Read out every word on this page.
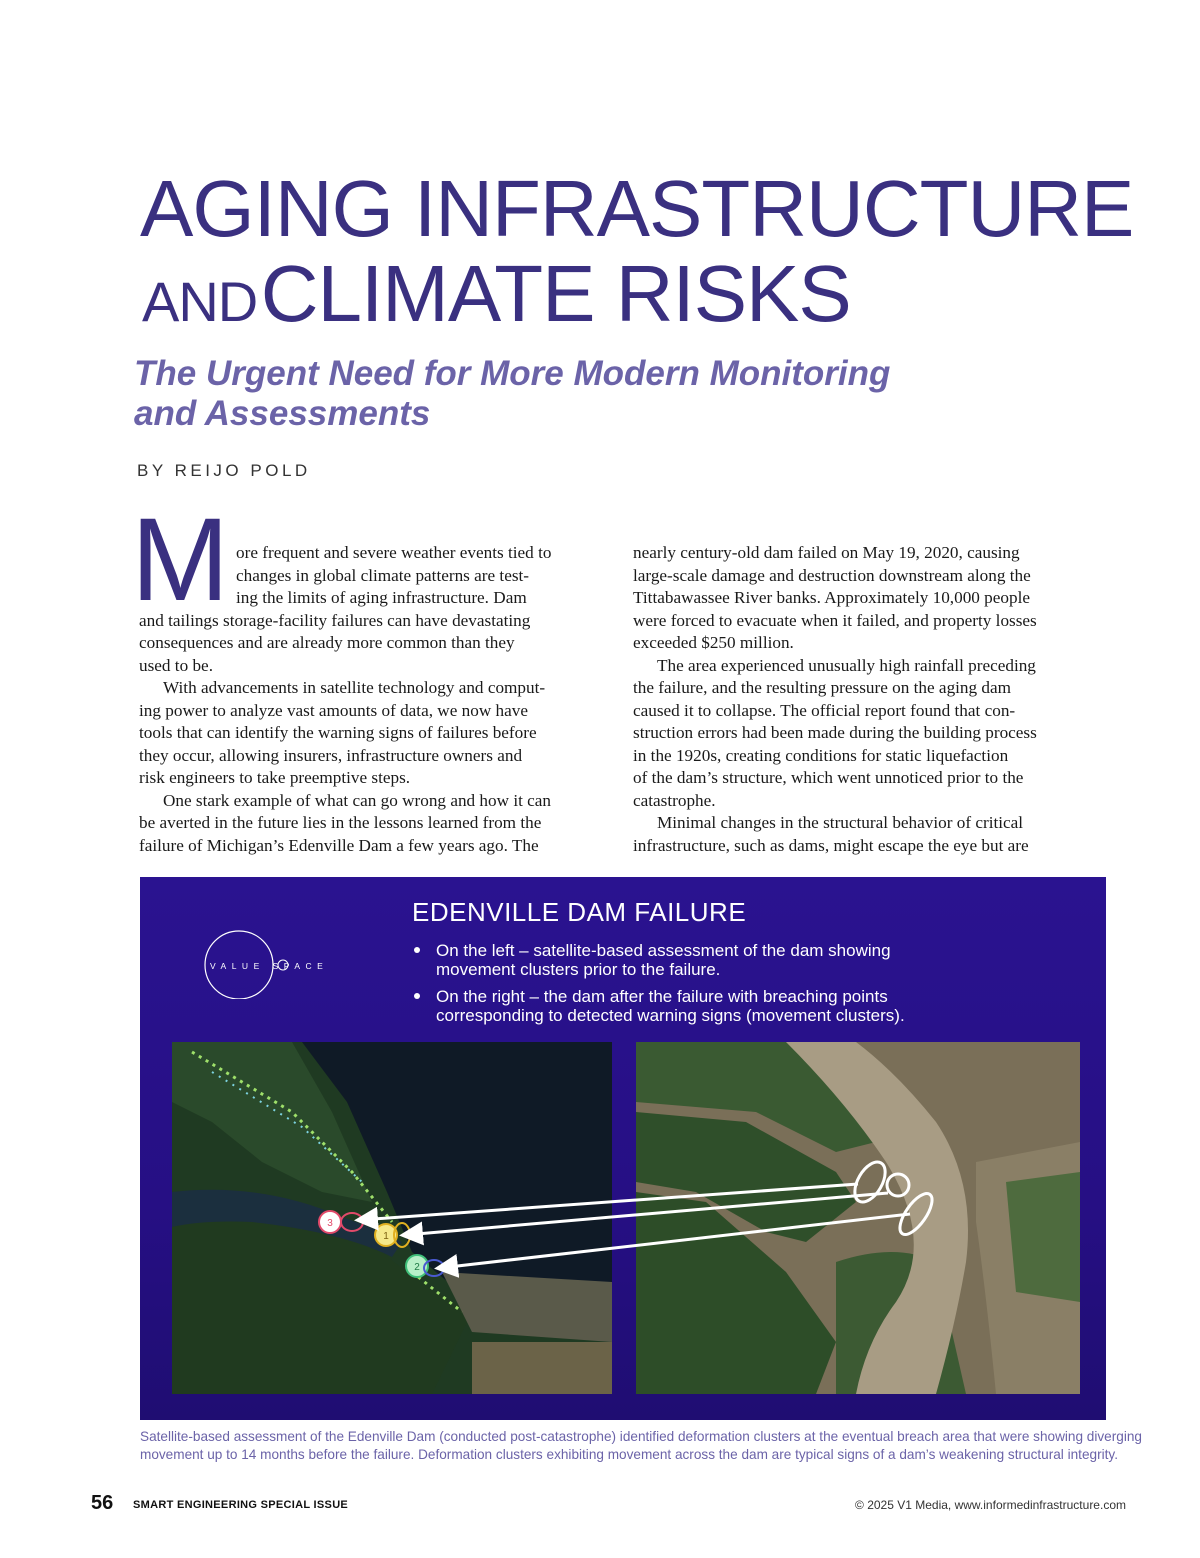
AGING INFRASTRUCTURE
AND CLIMATE RISKS
The Urgent Need for More Modern Monitoring
and Assessments
BY REIJO POLD
M ore frequent and severe weather events tied to
changes in global climate patterns are test-
ing the limits of aging infrastructure. Dam
and tailings storage-facility failures can have devastating
consequences and are already more common than they
used to be.

With advancements in satellite technology and comput-
ing power to analyze vast amounts of data, we now have
tools that can identify the warning signs of failures before
they occur, allowing insurers, infrastructure owners and
risk engineers to take preemptive steps.

One stark example of what can go wrong and how it can
be averted in the future lies in the lessons learned from the
failure of Michigan’s Edenville Dam a few years ago. The

nearly century-old dam failed on May 19, 2020, causing
large-scale damage and destruction downstream along the
Tittabawassee River banks. Approximately 10,000 people
were forced to evacuate when it failed, and property losses
exceeded $250 million.

The area experienced unusually high rainfall preceding
the failure, and the resulting pressure on the aging dam
caused it to collapse. The official report found that con-
struction errors had been made during the building process
in the 1920s, creating conditions for static liquefaction
of the dam’s structure, which went unnoticed prior to the
catastrophe.

Minimal changes in the structural behavior of critical
infrastructure, such as dams, might escape the eye but are

VALUE SPACE
EDENVILLE DAM FAILURE
On the left – satellite-based assessment of the dam showing
movement clusters prior to the failure.
On the right – the dam after the failure with breaching points
corresponding to detected warning signs (movement clusters).
3
1
2
Satellite-based assessment of the Edenville Dam (conducted post-catastrophe) identified deformation clusters at the eventual breach area that were showing diverging
movement up to 14 months before the failure. Deformation clusters exhibiting movement across the dam are typical signs of a dam’s weakening structural integrity.
56 SMART ENGINEERING SPECIAL ISSUE	© 2025 V1 Media, www.informedinfrastructure.com
